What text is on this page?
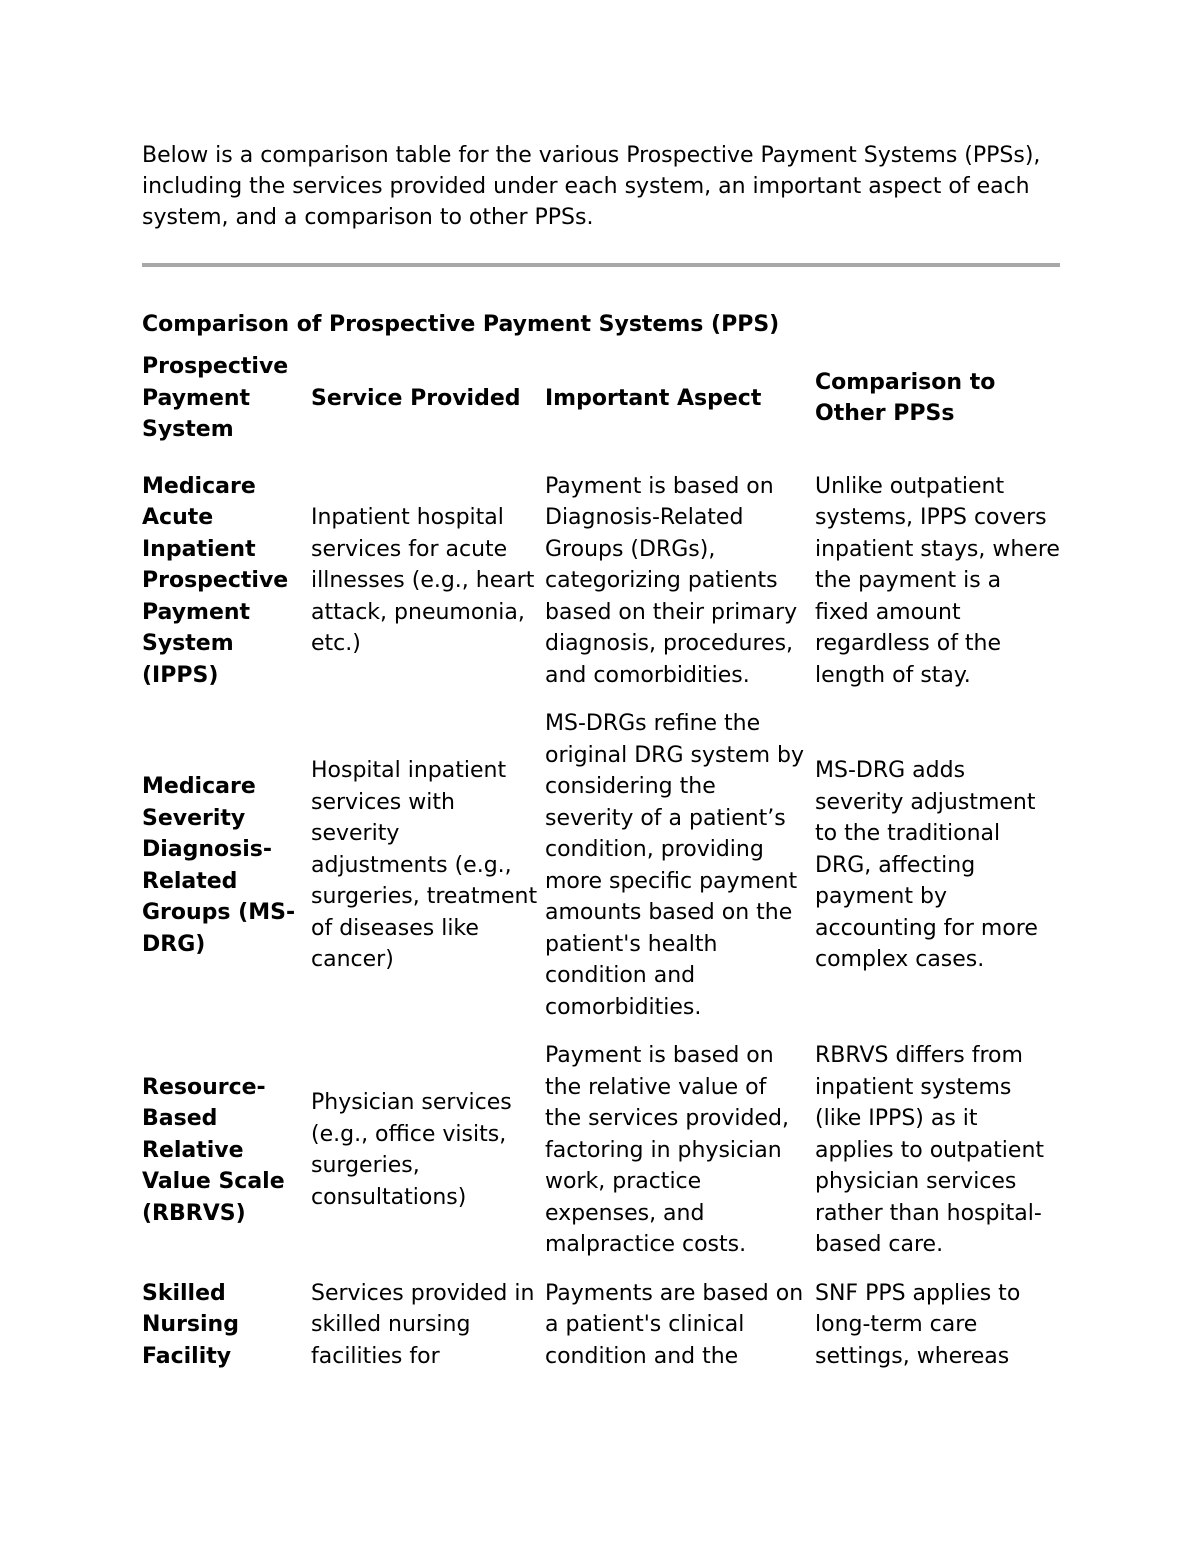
Below is a comparison table for the various Prospective Payment Systems (PPSs), including the services provided under each system, an important aspect of each system, and a comparison to other PPSs.

Comparison of Prospective Payment Systems (PPS)

Prospective Payment System	Service Provided	Important Aspect	Comparison to Other PPSs
Medicare Acute Inpatient Prospective Payment System (IPPS)	Inpatient hospital services for acute illnesses (e.g., heart attack, pneumonia, etc.)	Payment is based on Diagnosis-Related Groups (DRGs), categorizing patients based on their primary diagnosis, procedures, and comorbidities.	Unlike outpatient systems, IPPS covers inpatient stays, where the payment is a fixed amount regardless of the length of stay.
Medicare Severity Diagnosis-Related Groups (MS-DRG)	Hospital inpatient services with severity adjustments (e.g., surgeries, treatment of diseases like cancer)	MS-DRGs refine the original DRG system by considering the severity of a patient’s condition, providing more specific payment amounts based on the patient's health condition and comorbidities.	MS-DRG adds severity adjustment to the traditional DRG, affecting payment by accounting for more complex cases.
Resource-Based Relative Value Scale (RBRVS)	Physician services (e.g., office visits, surgeries, consultations)	Payment is based on the relative value of the services provided, factoring in physician work, practice expenses, and malpractice costs.	RBRVS differs from inpatient systems (like IPPS) as it applies to outpatient physician services rather than hospital-based care.
Skilled Nursing Facility	Services provided in skilled nursing facilities for	Payments are based on a patient's clinical condition and the	SNF PPS applies to long-term care settings, whereas
